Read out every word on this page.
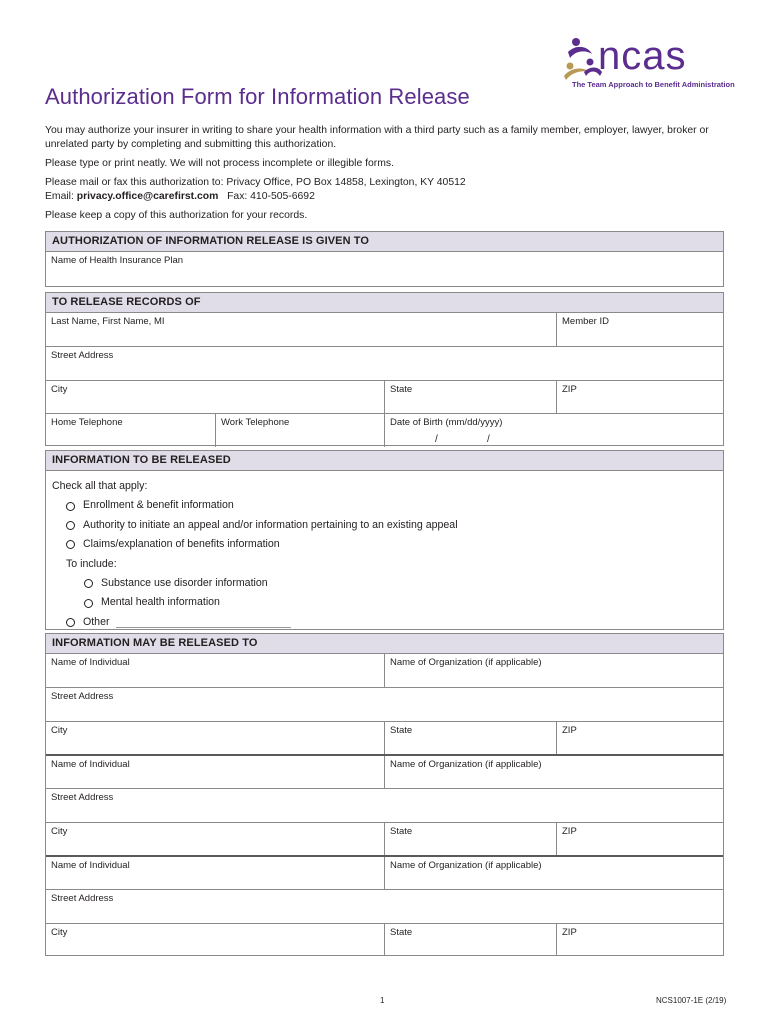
Authorization Form for Information Release
ncas
The Team Approach to Benefit Administration

You may authorize your insurer in writing to share your health information with a third party such as a family member, employer, lawyer, broker or unrelated party by completing and submitting this authorization.

Please type or print neatly. We will not process incomplete or illegible forms.

Please mail or fax this authorization to: Privacy Office, PO Box 14858, Lexington, KY 40512
Email: privacy.office@carefirst.com Fax: 410-505-6692

Please keep a copy of this authorization for your records.

AUTHORIZATION OF INFORMATION RELEASE IS GIVEN TO
Name of Health Insurance Plan
TO RELEASE RECORDS OF
Last Name, First Name, MI	Member ID
Street Address
City	State	ZIP
Home Telephone	Work Telephone	Date of Birth (mm/dd/yyyy)
/	/
INFORMATION TO BE RELEASED
Check all that apply:
Enrollment & benefit information
Authority to initiate an appeal and/or information pertaining to an existing appeal
Claims/explanation of benefits information
To include:
Substance use disorder information
Mental health information
Other
INFORMATION MAY BE RELEASED TO
Name of Individual	Name of Organization (if applicable)
Street Address
City	State	ZIP
Name of Individual	Name of Organization (if applicable)
Street Address
City	State	ZIP
Name of Individual	Name of Organization (if applicable)
Street Address
City	State	ZIP
1	NCS1007-1E (2/19)
